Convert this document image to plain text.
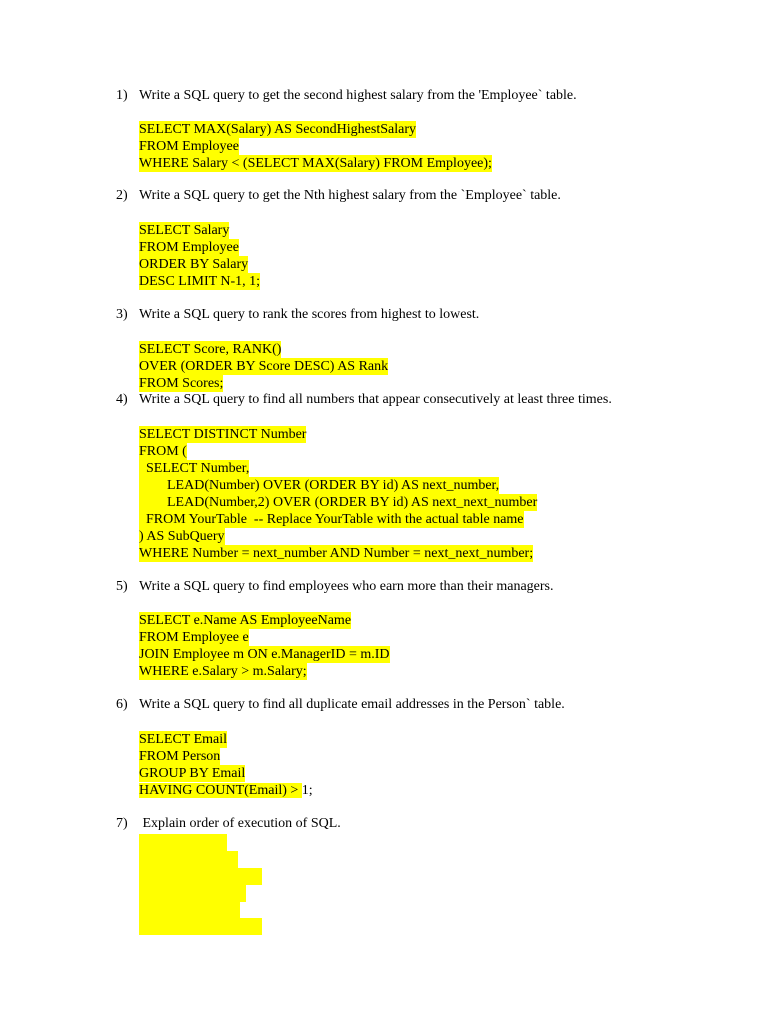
1)

Write a SQL query to get the second highest salary from the 'Employee` table.

SELECT MAX(Salary) AS SecondHighestSalary
FROM Employee
WHERE Salary < (SELECT MAX(Salary) FROM Employee);

2)

Write a SQL query to get the Nth highest salary from the `Employee` table.

SELECT Salary
FROM Employee
ORDER BY Salary
DESC LIMIT N-1, 1;

3)

Write a SQL query to rank the scores from highest to lowest.

SELECT Score, RANK()
OVER (ORDER BY Score DESC) AS Rank
FROM Scores;

4)

Write a SQL query to find all numbers that appear consecutively at least three times.

SELECT DISTINCT Number
FROM (
SELECT Number,
LEAD(Number) OVER (ORDER BY id) AS next_number,
LEAD(Number,2) OVER (ORDER BY id) AS next_next_number
FROM YourTable  -- Replace YourTable with the actual table name
) AS SubQuery
WHERE Number = next_number AND Number = next_next_number;

5)

Write a SQL query to find employees who earn more than their managers.

SELECT e.Name AS EmployeeName
FROM Employee e
JOIN Employee m ON e.ManagerID = m.ID
WHERE e.Salary > m.Salary;

6)

Write a SQL query to find all duplicate email addresses in the Person` table.

SELECT Email
FROM Person
GROUP BY Email
HAVING COUNT(Email) > 1;

7)

Explain order of execution of SQL.
